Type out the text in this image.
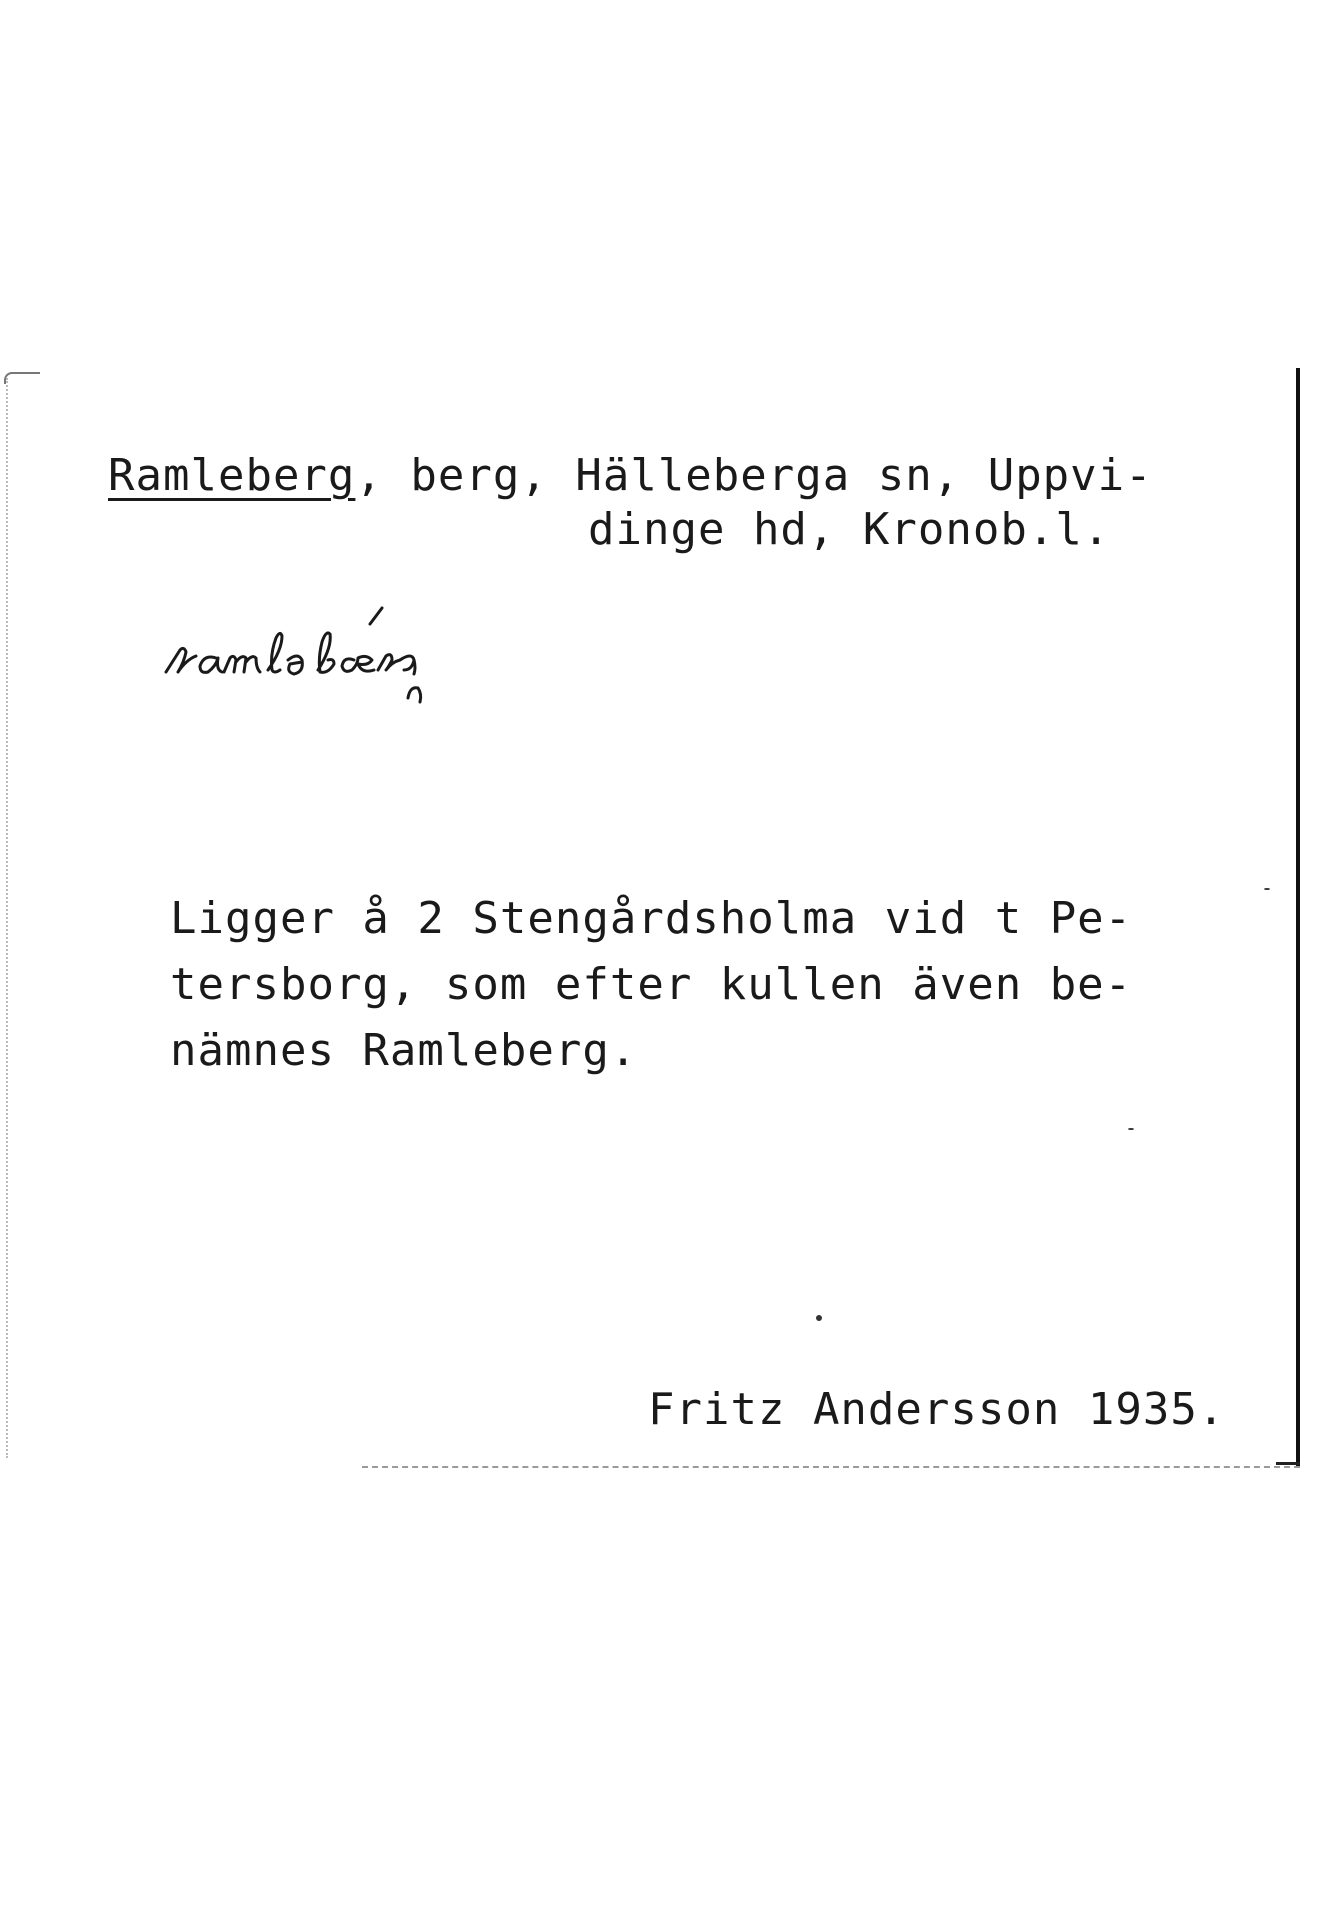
Ramleberg, berg, Hälleberga sn, Uppvi-

dinge hd, Kronob.l.

Ligger å 2 Stengårdsholma vid t Pe-
tersborg, som efter kullen även be-
nämnes Ramleberg.

Fritz Andersson 1935.
